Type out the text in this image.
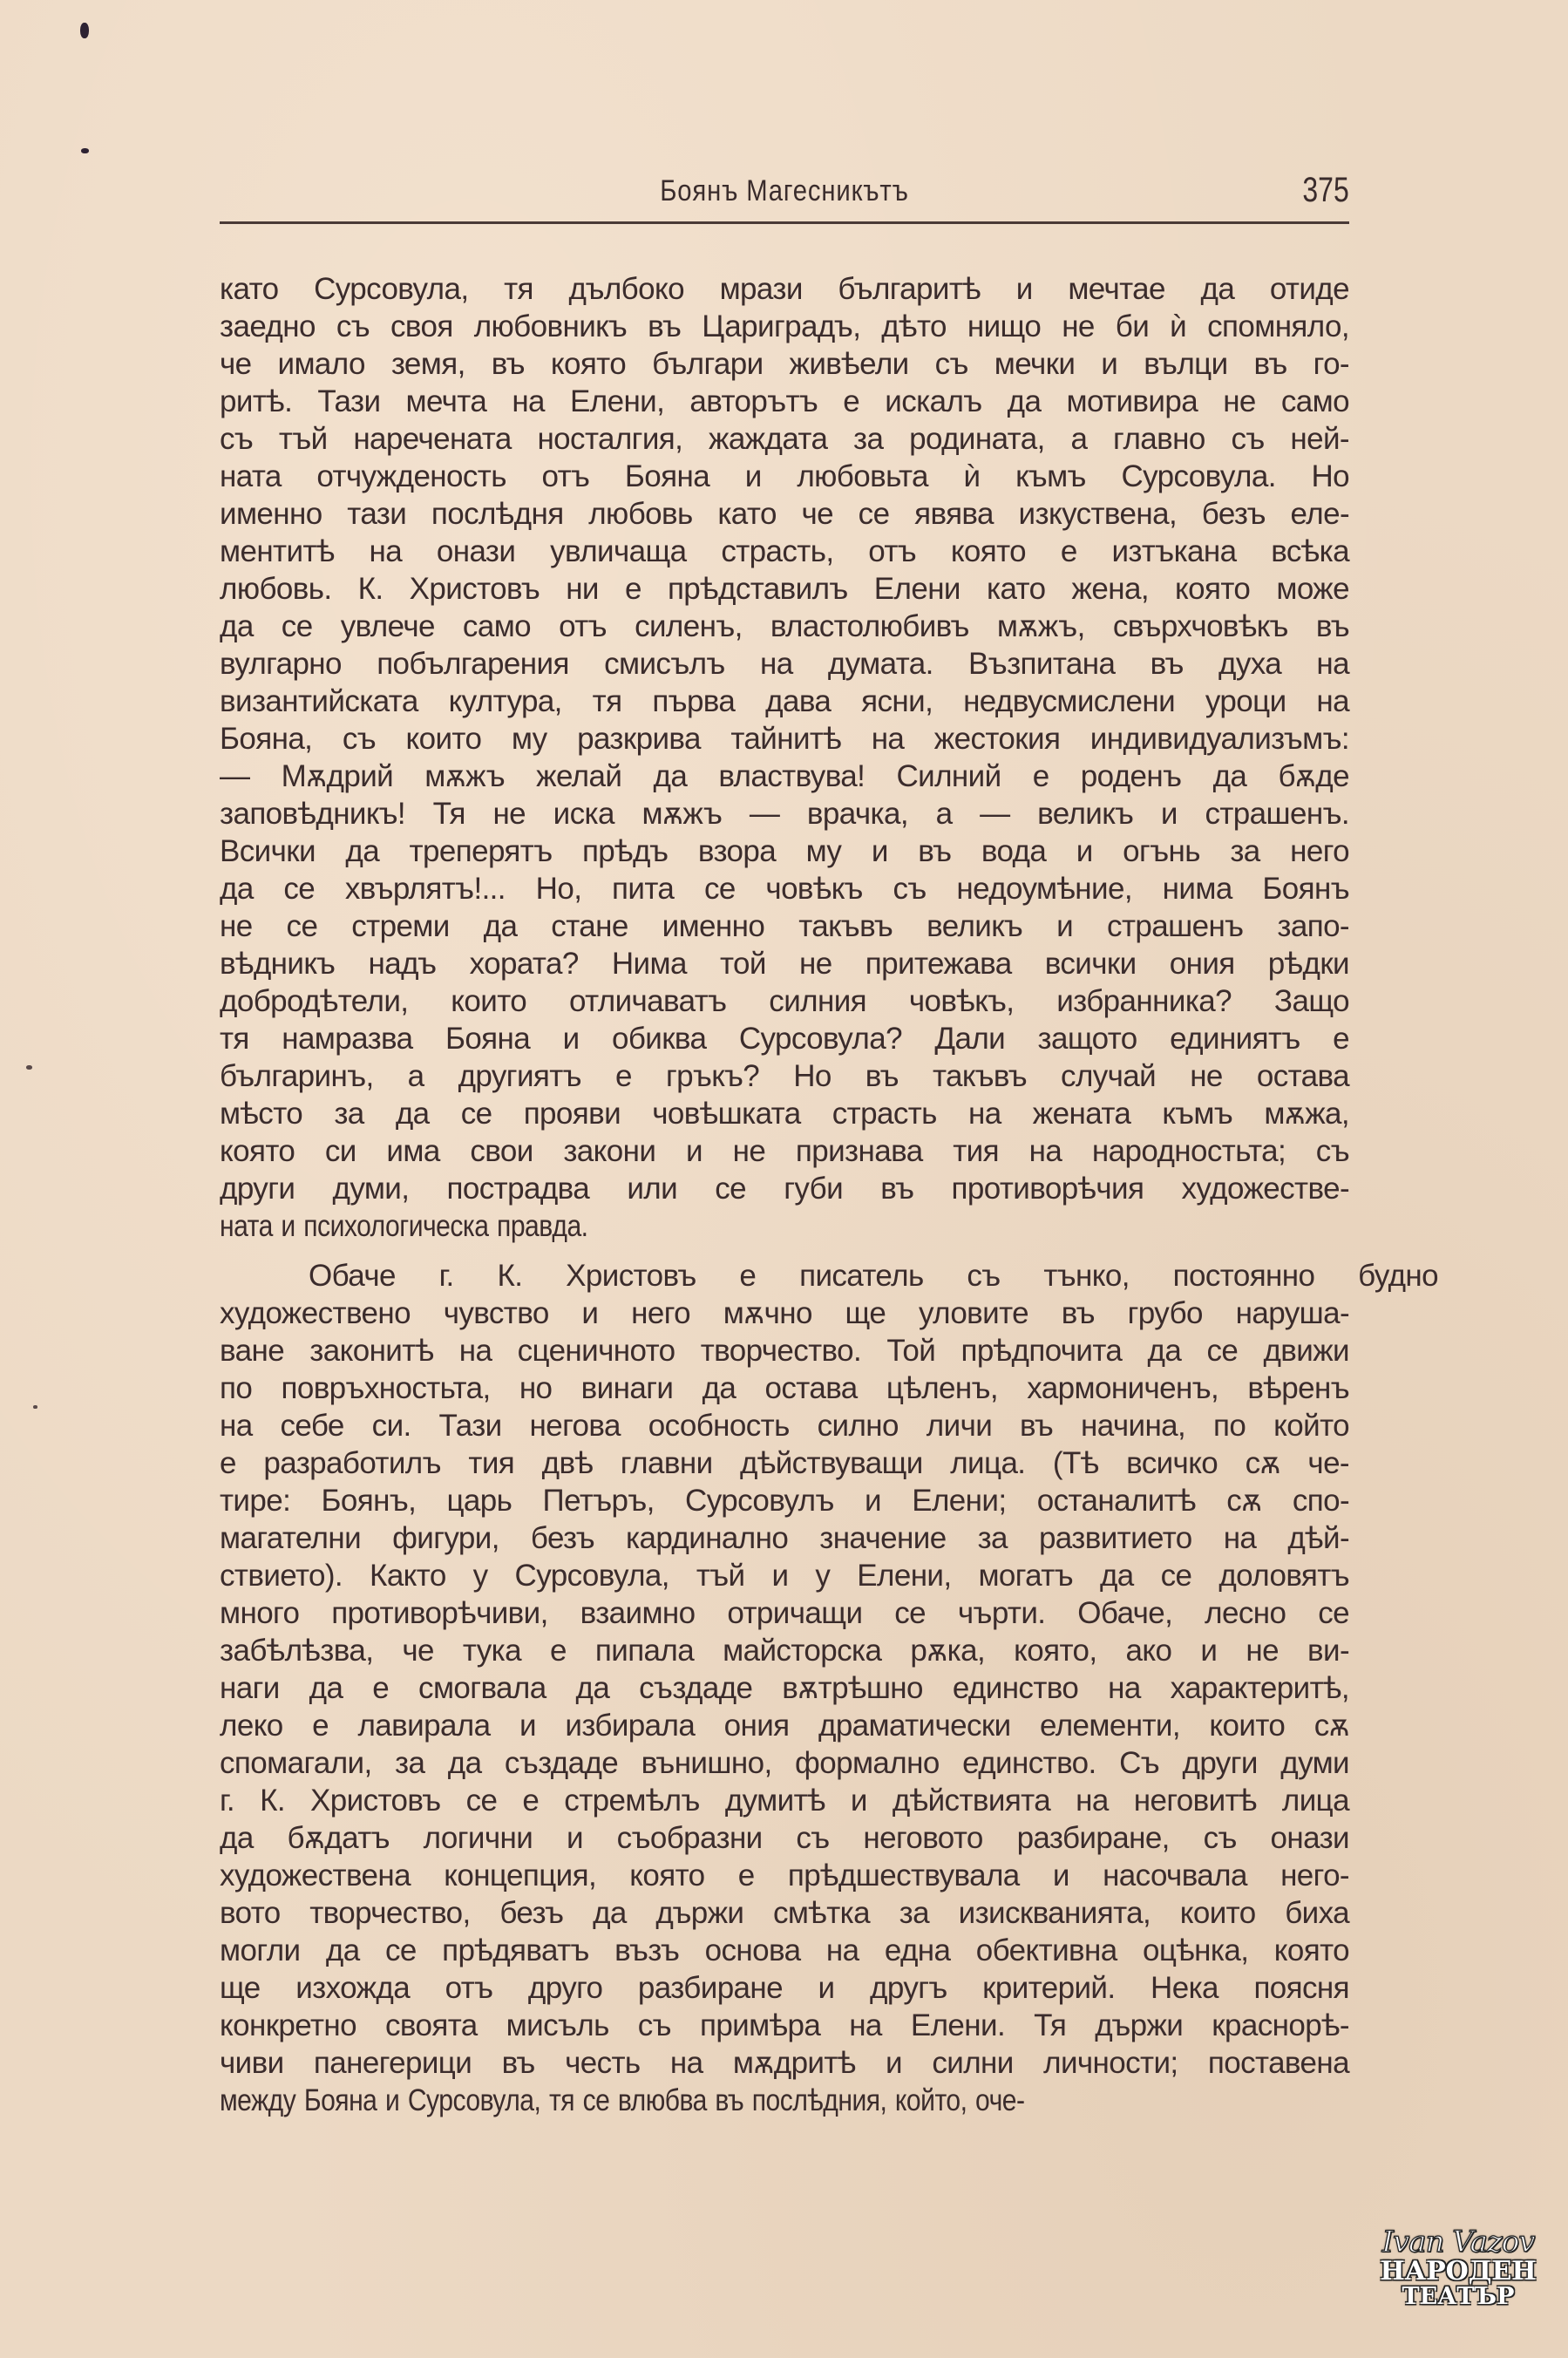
Боянъ Магесникътъ	375
като Сурсовула, тя дълбоко мрази българитѣ и мечтае да отиде
заедно съ своя любовникъ въ Цариградъ, дѣто нищо не би ѝ спомняло,
че имало земя, въ която българи живѣели съ мечки и вълци въ го-
ритѣ. Тази мечта на Елени, авторътъ е искалъ да мотивира не само
съ тъй наречената носталгия, жаждата за родината, а главно съ ней-
ната отчужденость отъ Бояна и любовьта ѝ къмъ Сурсовула. Но
именно тази послѣдня любовь като че се явява изкуствена, безъ еле-
ментитѣ на онази увличаща страсть, отъ която е изтъкана всѣка
любовь. К. Христовъ ни е прѣдставилъ Елени като жена, която може
да се увлече само отъ силенъ, властолюбивъ мѫжъ, свърхчовѣкъ въ
вулгарно побългарения смисълъ на думата. Възпитана въ духа на
византийската култура, тя първа дава ясни, недвусмислени уроци на
Бояна, съ които му разкрива тайнитѣ на жестокия индивидуализъмъ:
— Мѫдрий мѫжъ желай да властвува! Силний е роденъ да бѫде
заповѣдникъ! Тя не иска мѫжъ — врачка, а — великъ и страшенъ.
Всички да треперятъ прѣдъ взора му и въ вода и огънь за него
да се хвърлятъ!... Но, пита се човѣкъ съ недоумѣние, нима Боянъ
не се стреми да стане именно такъвъ великъ и страшенъ запо-
вѣдникъ надъ хората? Нима той не притежава всички ония рѣдки
добродѣтели, които отличаватъ силния човѣкъ, избранника? Защо
тя намразва Бояна и обиква Сурсовула? Дали защото единиятъ е
българинъ, а другиятъ е гръкъ? Но въ такъвъ случай не остава
мѣсто за да се прояви човѣшката страсть на жената къмъ мѫжа,
която си има свои закони и не признава тия на народностьта; съ
други думи, пострадва или се губи въ противорѣчия художестве-
ната и психологическа правда.
Обаче г. К. Христовъ е писатель съ тънко, постоянно будно
художествено чувство и него мѫчно ще уловите въ грубо наруша-
ване законитѣ на сценичното творчество. Той прѣдпочита да се движи
по повръхностьта, но винаги да остава цѣленъ, хармониченъ, вѣренъ
на себе си. Тази негова особность силно личи въ начина, по който
е разработилъ тия двѣ главни дѣйствуващи лица. (Тѣ всичко сѫ че-
тире: Боянъ, царь Петъръ, Сурсовулъ и Елени; останалитѣ сѫ спо-
магателни фигури, безъ кардинално значение за развитието на дѣй-
ствието). Както у Сурсовула, тъй и у Елени, могатъ да се доловятъ
много противорѣчиви, взаимно отричащи се чърти. Обаче, лесно се
забѣлѣзва, че тука е пипала майсторска рѫка, която, ако и не ви-
наги да е смогвала да създаде вѫтрѣшно единство на характеритѣ,
леко е лавирала и избирала ония драматически елементи, които сѫ
спомагали, за да създаде вънишно, формално единство. Съ други думи
г. К. Христовъ се е стремѣлъ думитѣ и дѣйствията на неговитѣ лица
да бѫдатъ логични и съобразни съ неговото разбиране, съ онази
художествена концепция, която е прѣдшествувала и насочвала него-
вото творчество, безъ да държи смѣтка за изискванията, които биха
могли да се прѣдяватъ възъ основа на една обективна оцѣнка, която
ще изхожда отъ друго разбиране и другъ критерий. Нека поясня
конкретно своята мисъль съ примѣра на Елени. Тя държи краснорѣ-
чиви панегерици въ честь на мѫдритѣ и силни личности; поставена
между Бояна и Сурсовула, тя се влюбва въ послѣдния, който, оче-
Ivan Vazov
НАРОДЕН
ТЕАТЪР
